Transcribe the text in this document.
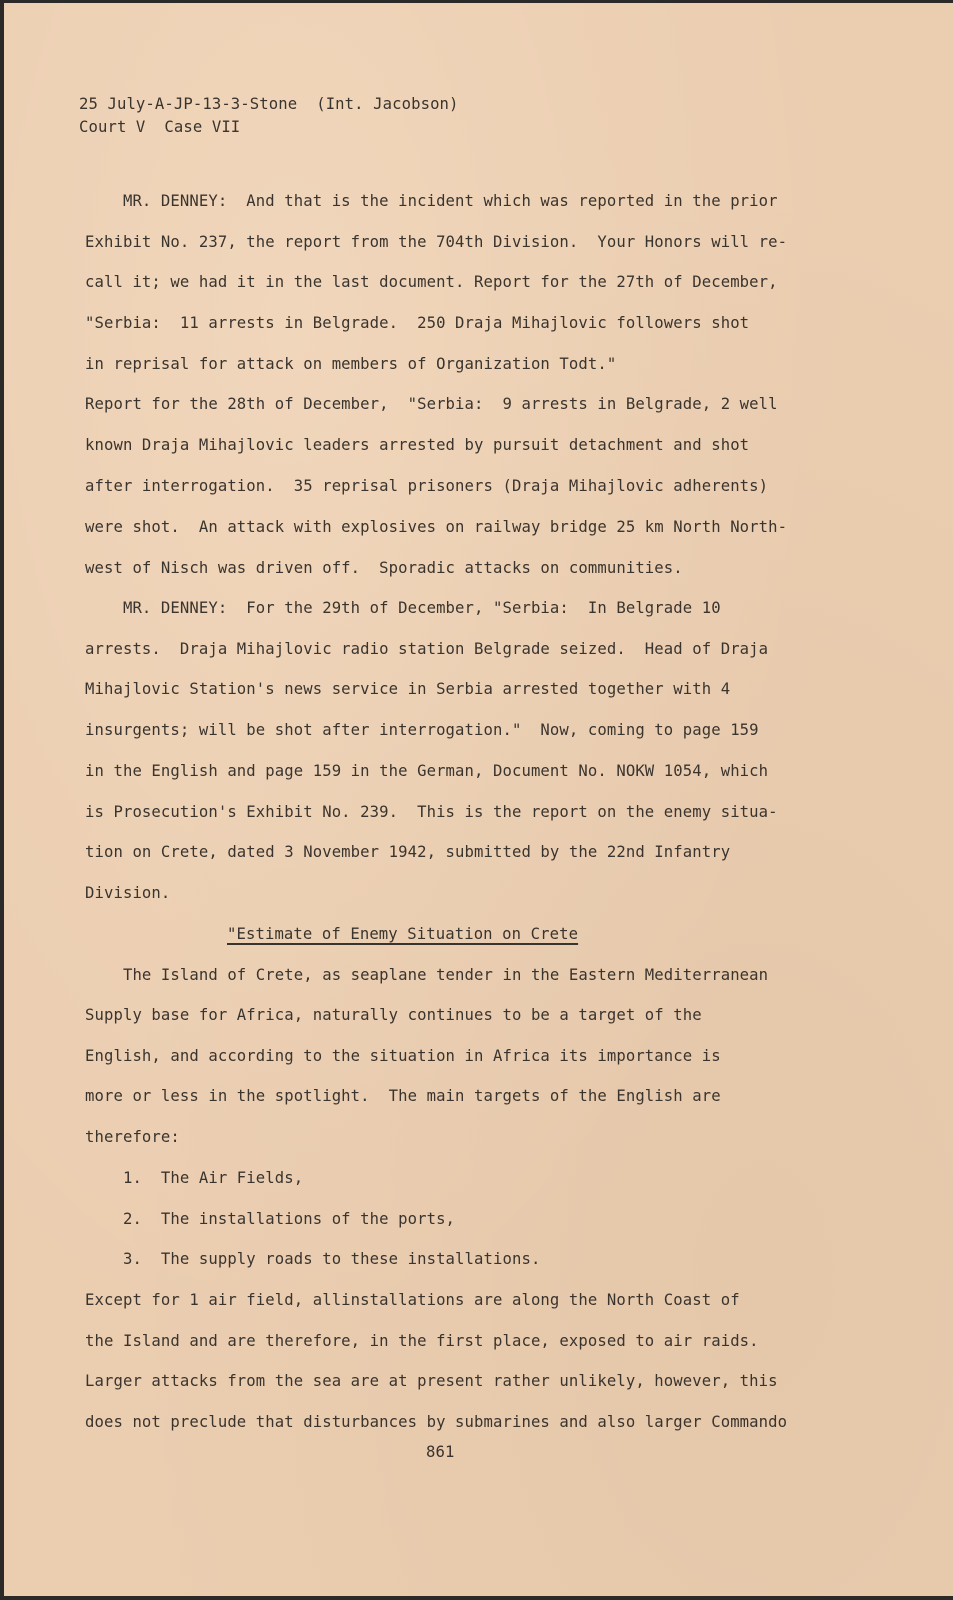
25 July-A-JP-13-3-Stone  (Int. Jacobson)
Court V  Case VII

MR. DENNEY:  And that is the incident which was reported in the prior

Exhibit No. 237, the report from the 704th Division.  Your Honors will re-

call it; we had it in the last document. Report for the 27th of December,

"Serbia:  11 arrests in Belgrade.  250 Draja Mihajlovic followers shot

in reprisal for attack on members of Organization Todt."

Report for the 28th of December,  "Serbia:  9 arrests in Belgrade, 2 well

known Draja Mihajlovic leaders arrested by pursuit detachment and shot

after interrogation.  35 reprisal prisoners (Draja Mihajlovic adherents)

were shot.  An attack with explosives on railway bridge 25 km North North-

west of Nisch was driven off.  Sporadic attacks on communities.

MR. DENNEY:  For the 29th of December, "Serbia:  In Belgrade 10

arrests.  Draja Mihajlovic radio station Belgrade seized.  Head of Draja

Mihajlovic Station's news service in Serbia arrested together with 4

insurgents; will be shot after interrogation."  Now, coming to page 159

in the English and page 159 in the German, Document No. NOKW 1054, which

is Prosecution's Exhibit No. 239.  This is the report on the enemy situa-

tion on Crete, dated 3 November 1942, submitted by the 22nd Infantry

Division.

"Estimate of Enemy Situation on Crete

The Island of Crete, as seaplane tender in the Eastern Mediterranean

Supply base for Africa, naturally continues to be a target of the

English, and according to the situation in Africa its importance is

more or less in the spotlight.  The main targets of the English are

therefore:

1.  The Air Fields,

2.  The installations of the ports,

3.  The supply roads to these installations.

Except for 1 air field, allinstallations are along the North Coast of

the Island and are therefore, in the first place, exposed to air raids.

Larger attacks from the sea are at present rather unlikely, however, this

does not preclude that disturbances by submarines and also larger Commando

861
